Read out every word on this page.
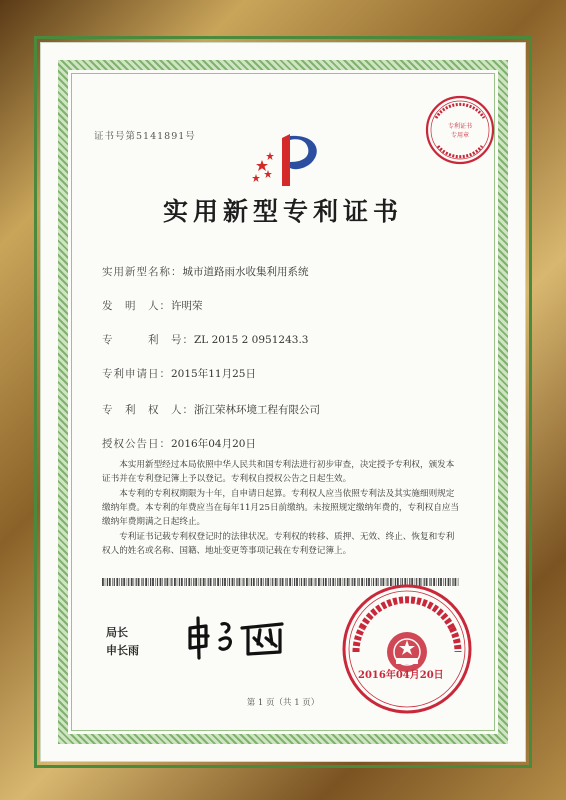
证书号第5141891号
专利证书
专用章
实用新型专利证书
实用新型名称：城市道路雨水收集利用系统
发　明　人：许明荣
专　　　利　号：ZL 2015 2 0951243.3
专利申请日：2015年11月25日
专　利　权　人：浙江荣林环境工程有限公司
授权公告日：2016年04月20日

本实用新型经过本局依照中华人民共和国专利法进行初步审查，决定授予专利权，颁发本证书并在专利登记簿上予以登记。专利权自授权公告之日起生效。

本专利的专利权期限为十年，自申请日起算。专利权人应当依照专利法及其实施细则规定缴纳年费。本专利的年费应当在每年11月25日前缴纳。未按照规定缴纳年费的，专利权自应当缴纳年费期满之日起终止。

专利证书记载专利权登记时的法律状况。专利权的转移、质押、无效、终止、恢复和专利权人的姓名或名称、国籍、地址变更等事项记载在专利登记簿上。

局长
申长雨
2016年04月20日
第 1 页（共 1 页）
